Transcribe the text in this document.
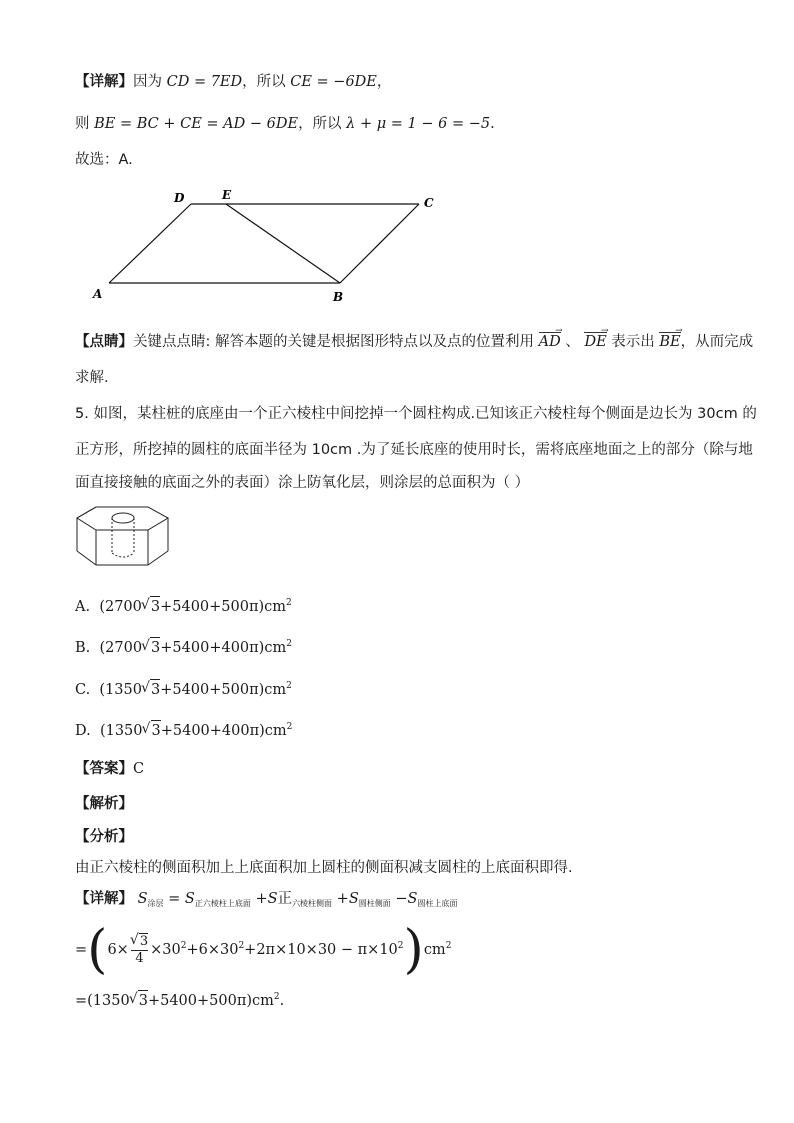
【详解】因为 CD = 7ED，所以 CE = −6DE，
则 BE = BC + CE = AD − 6DE，所以 λ + μ = 1 − 6 = −5.
故选：A.
D	E
C
A	B
【点睛】关键点点睛: 解答本题的关键是根据图形特点以及点的位置利用 AD → 、 DE → 表示出 BE →，从而完成
求解.
5. 如图，某柱桩的底座由一个正六棱柱中间挖掉一个圆柱构成.已知该正六棱柱每个侧面是边长为 30cm 的
正方形，所挖掉的圆柱的底面半径为 10cm .为了延长底座的使用时长，需将底座地面之上的部分（除与地
面直接接触的底面之外的表面）涂上防氧化层，则涂层的总面积为（ ）
A. (2700 √ $3+5400+500\pi)cm^2$
B. (2700 √ $3+5400+400\pi)cm^2$
C. (1350 √ $3+5400+500\pi)cm^2$
D. (1350 √ $3+5400+400\pi)cm^2$
【答案】C
【解析】
【分析】
由正六棱柱的侧面积加上上底面积加上圆柱的侧面积减支圆柱的上底面积即得.
【详解】 $S_{涂层} = S_{正六棱柱上底面} +S$正$_{六棱柱侧面} +S_{圆柱侧面} -S_{圆柱上底面}$
=(6× √ $\frac{3}{4} \times 30^2+6\times 30^2+2\pi\times 10\times 30 - \pi\times 10^2)cm^2$
=(1350 √ $3+5400+500\pi)cm^2$.
